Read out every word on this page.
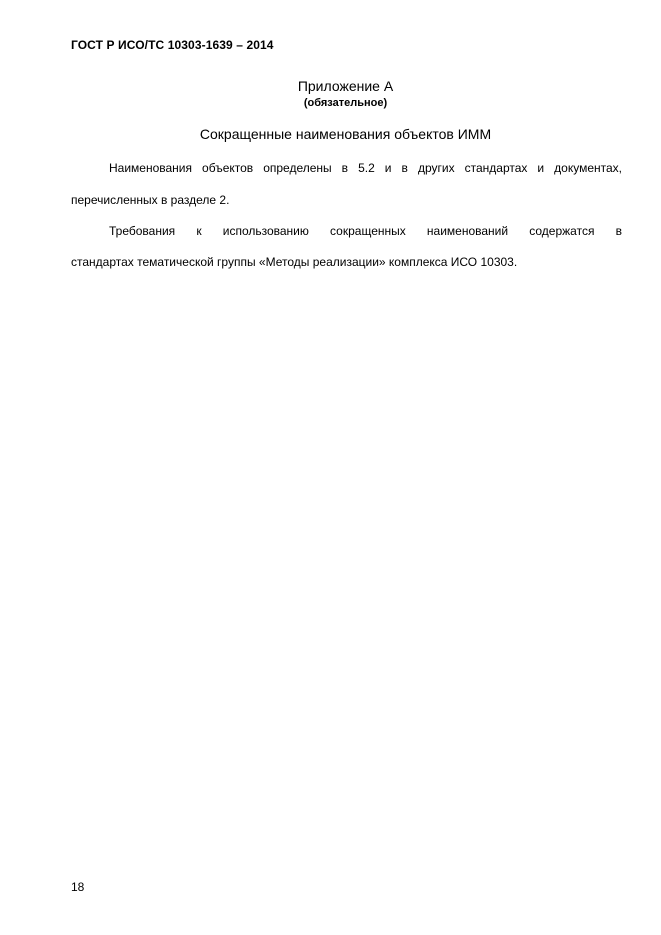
ГОСТ Р ИСО/ТС 10303-1639 – 2014
Приложение А
(обязательное)
Сокращенные наименования объектов ИММ
Наименования объектов определены в 5.2 и в других стандартах и документах,
перечисленных в разделе 2.
Требования к использованию сокращенных наименований содержатся в
стандартах тематической группы «Методы реализации» комплекса ИСО 10303.
18
